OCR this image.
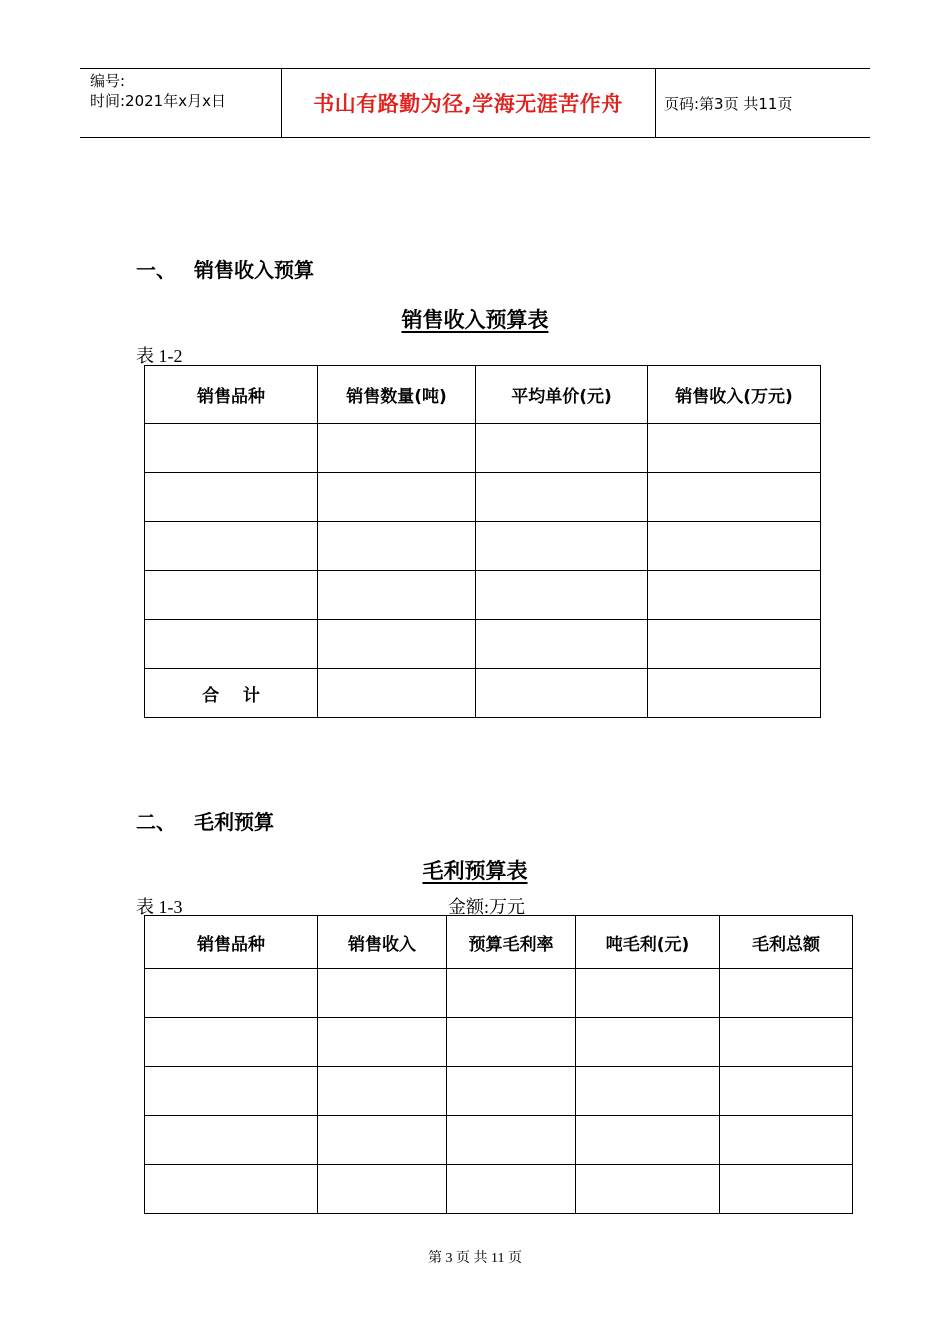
编号:
时间:2021年x月x日	书山有路勤为径,学海无涯苦作舟	页码:第3页 共11页
一、 销售收入预算
销售收入预算表
表 1-2
销售品种	销售数量(吨)	平均单价(元)	销售收入(万元)

合    计			
二、 毛利预算
毛利预算表
表 1-3	金额:万元
销售品种	销售收入	预算毛利率	吨毛利(元)	毛利总额

第 3 页 共 11 页
